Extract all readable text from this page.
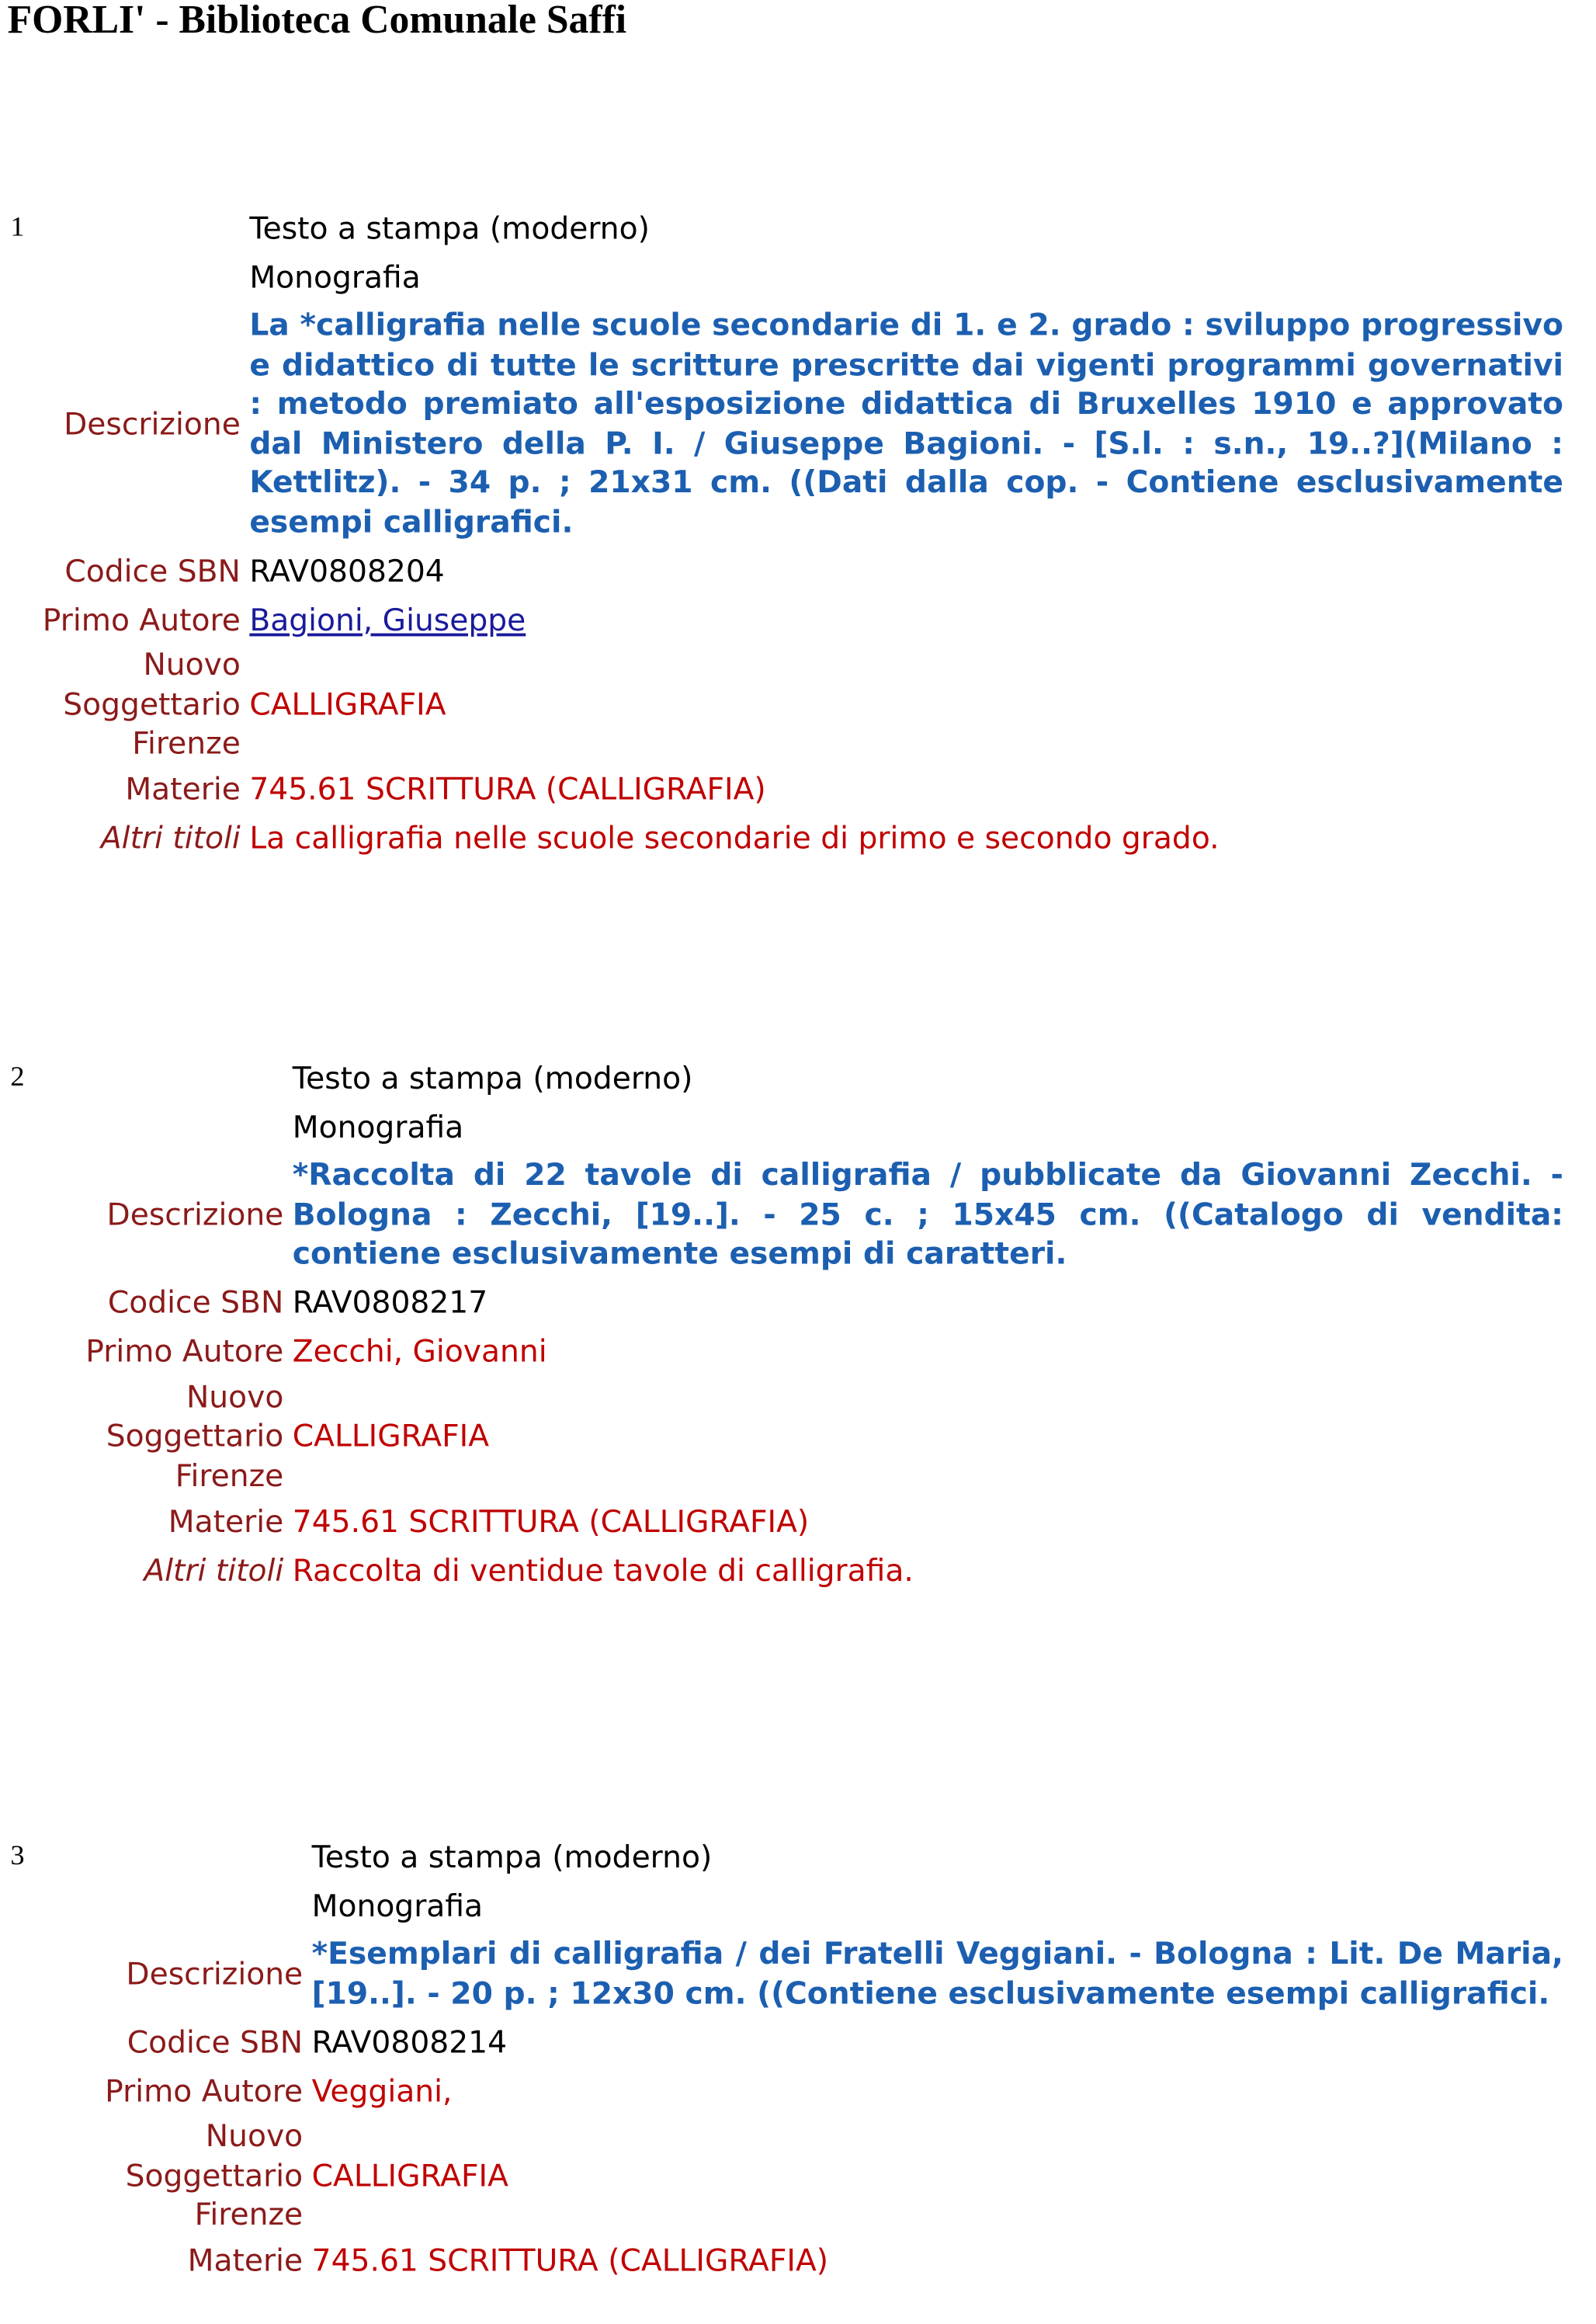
FORLI' - Biblioteca Comunale Saffi
1
		Testo a stampa (moderno)
	Monografia
Descrizione	La *calligrafia nelle scuole secondarie di 1. e 2. grado : sviluppo progressivo e didattico di tutte le scritture prescritte dai vigenti programmi governativi : metodo premiato all'esposizione didattica di Bruxelles 1910 e approvato dal Ministero della P. I. / Giuseppe Bagioni. - [S.l. : s.n., 19..?](Milano : Kettlitz). - 34 p. ; 21x31 cm. ((Dati dalla cop. - Contiene esclusivamente esempi calligrafici.
Codice SBN	RAV0808204
Primo Autore	Bagioni, Giuseppe
Nuovo Soggettario Firenze	CALLIGRAFIA
Materie	745.61 SCRITTURA (CALLIGRAFIA)
Altri titoli	La calligrafia nelle scuole secondarie di primo e secondo grado.
2
		Testo a stampa (moderno)
	Monografia
Descrizione	*Raccolta di 22 tavole di calligrafia / pubblicate da Giovanni Zecchi. - Bologna : Zecchi, [19..]. - 25 c. ; 15x45 cm. ((Catalogo di vendita: contiene esclusivamente esempi di caratteri.
Codice SBN	RAV0808217
Primo Autore	Zecchi, Giovanni
Nuovo Soggettario Firenze	CALLIGRAFIA
Materie	745.61 SCRITTURA (CALLIGRAFIA)
Altri titoli	Raccolta di ventidue tavole di calligrafia.
3
		Testo a stampa (moderno)
	Monografia
Descrizione	*Esemplari di calligrafia / dei Fratelli Veggiani. - Bologna : Lit. De Maria, [19..]. - 20 p. ; 12x30 cm. ((Contiene esclusivamente esempi calligrafici.
Codice SBN	RAV0808214
Primo Autore	Veggiani,
Nuovo Soggettario Firenze	CALLIGRAFIA
Materie	745.61 SCRITTURA (CALLIGRAFIA)
